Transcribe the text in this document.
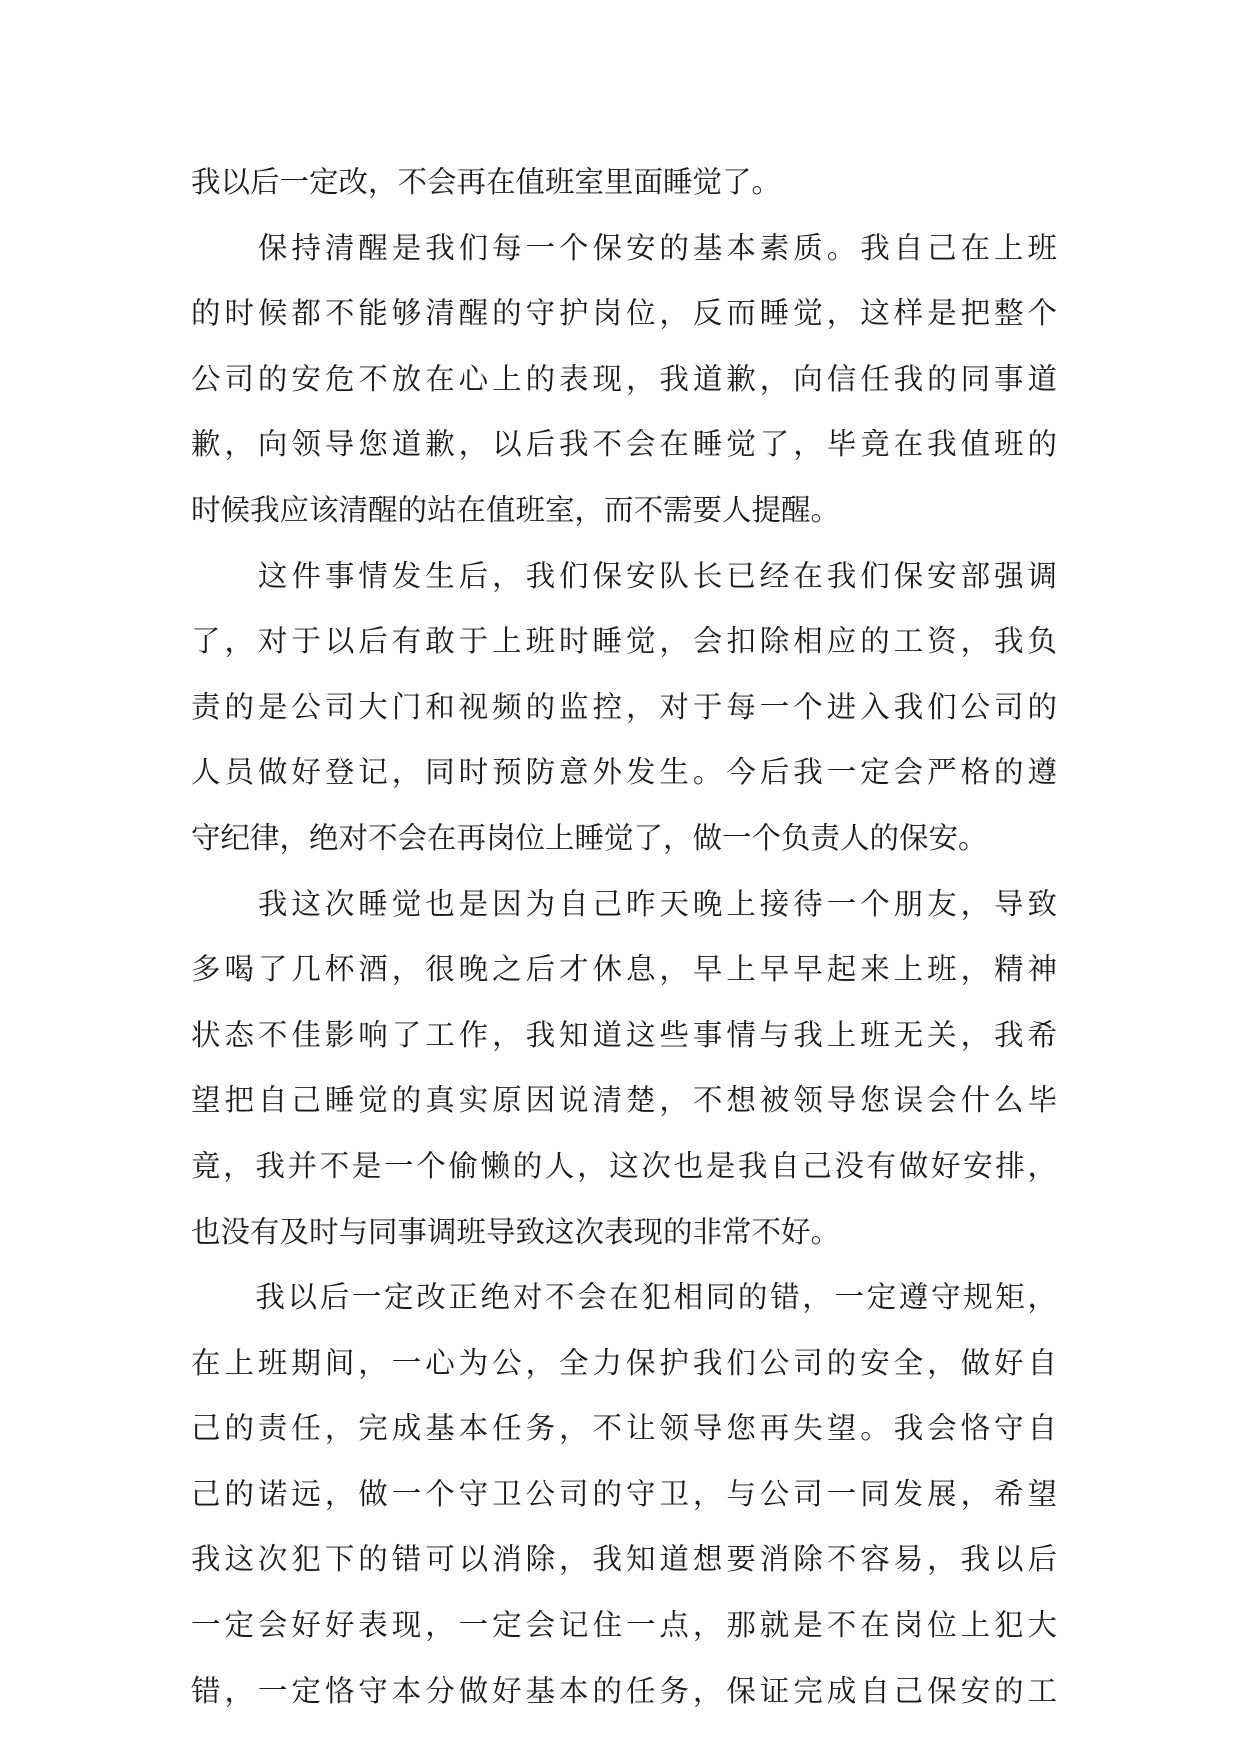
我以后一定改，不会再在值班室里面睡觉了。
　　保持清醒是我们每一个保安的基本素质。我自己在上班
的时候都不能够清醒的守护岗位，反而睡觉，这样是把整个
公司的安危不放在心上的表现，我道歉，向信任我的同事道
歉，向领导您道歉，以后我不会在睡觉了，毕竟在我值班的
时候我应该清醒的站在值班室，而不需要人提醒。
　　这件事情发生后，我们保安队长已经在我们保安部强调
了，对于以后有敢于上班时睡觉，会扣除相应的工资，我负
责的是公司大门和视频的监控，对于每一个进入我们公司的
人员做好登记，同时预防意外发生。今后我一定会严格的遵
守纪律，绝对不会在再岗位上睡觉了，做一个负责人的保安。
　　我这次睡觉也是因为自己昨天晚上接待一个朋友，导致
多喝了几杯酒，很晚之后才休息，早上早早起来上班，精神
状态不佳影响了工作，我知道这些事情与我上班无关，我希
望把自己睡觉的真实原因说清楚，不想被领导您误会什么毕
竟，我并不是一个偷懒的人，这次也是我自己没有做好安排，
也没有及时与同事调班导致这次表现的非常不好。
　　我以后一定改正绝对不会在犯相同的错，一定遵守规矩，
在上班期间，一心为公，全力保护我们公司的安全，做好自
己的责任，完成基本任务，不让领导您再失望。我会恪守自
己的诺远，做一个守卫公司的守卫，与公司一同发展，希望
我这次犯下的错可以消除，我知道想要消除不容易，我以后
一定会好好表现，一定会记住一点，那就是不在岗位上犯大
错，一定恪守本分做好基本的任务，保证完成自己保安的工
